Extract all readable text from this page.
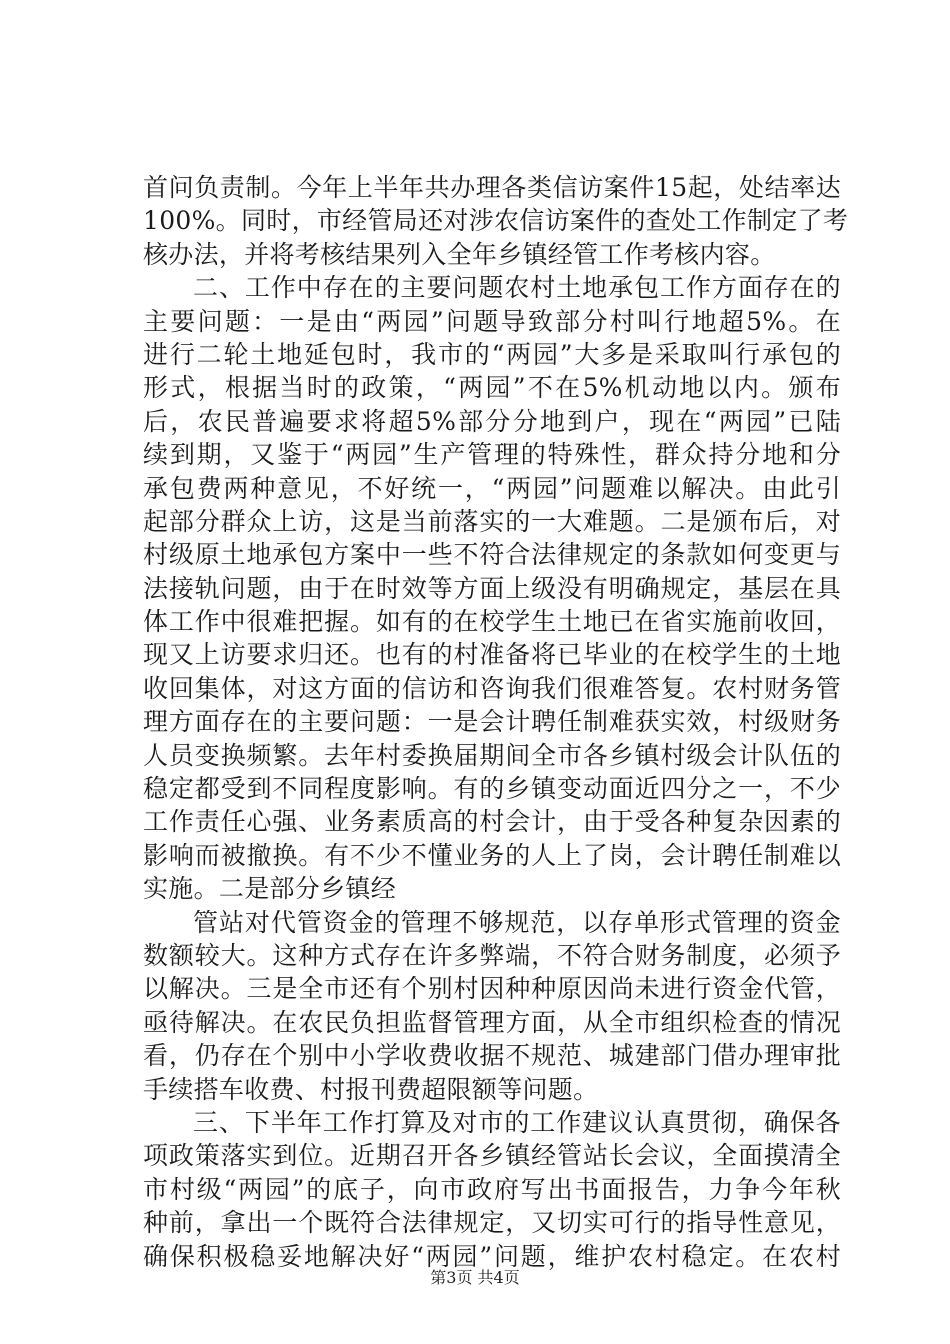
首问负责制。今年上半年共办理各类信访案件15起，处结率达
100%。同时，市经管局还对涉农信访案件的查处工作制定了考
核办法，并将考核结果列入全年乡镇经管工作考核内容。
二、工作中存在的主要问题农村土地承包工作方面存在的
主要问题：一是由“两园”问题导致部分村叫行地超5%。在
进行二轮土地延包时，我市的“两园”大多是采取叫行承包的
形式，根据当时的政策，“两园”不在5%机动地以内。颁布
后，农民普遍要求将超5%部分分地到户，现在“两园”已陆
续到期，又鉴于“两园”生产管理的特殊性，群众持分地和分
承包费两种意见，不好统一，“两园”问题难以解决。由此引
起部分群众上访，这是当前落实的一大难题。二是颁布后，对
村级原土地承包方案中一些不符合法律规定的条款如何变更与
法接轨问题，由于在时效等方面上级没有明确规定，基层在具
体工作中很难把握。如有的在校学生土地已在省实施前收回，
现又上访要求归还。也有的村准备将已毕业的在校学生的土地
收回集体，对这方面的信访和咨询我们很难答复。农村财务管
理方面存在的主要问题：一是会计聘任制难获实效，村级财务
人员变换频繁。去年村委换届期间全市各乡镇村级会计队伍的
稳定都受到不同程度影响。有的乡镇变动面近四分之一，不少
工作责任心强、业务素质高的村会计，由于受各种复杂因素的
影响而被撤换。有不少不懂业务的人上了岗，会计聘任制难以
实施。二是部分乡镇经
管站对代管资金的管理不够规范，以存单形式管理的资金
数额较大。这种方式存在许多弊端，不符合财务制度，必须予
以解决。三是全市还有个别村因种种原因尚未进行资金代管，
亟待解决。在农民负担监督管理方面，从全市组织检查的情况
看，仍存在个别中小学收费收据不规范、城建部门借办理审批
手续搭车收费、村报刊费超限额等问题。
三、下半年工作打算及对市的工作建议认真贯彻，确保各
项政策落实到位。近期召开各乡镇经管站长会议，全面摸清全
市村级“两园”的底子，向市政府写出书面报告，力争今年秋
种前，拿出一个既符合法律规定，又切实可行的指导性意见，
确保积极稳妥地解决好“两园”问题，维护农村稳定。在农村
第3页 共4页
